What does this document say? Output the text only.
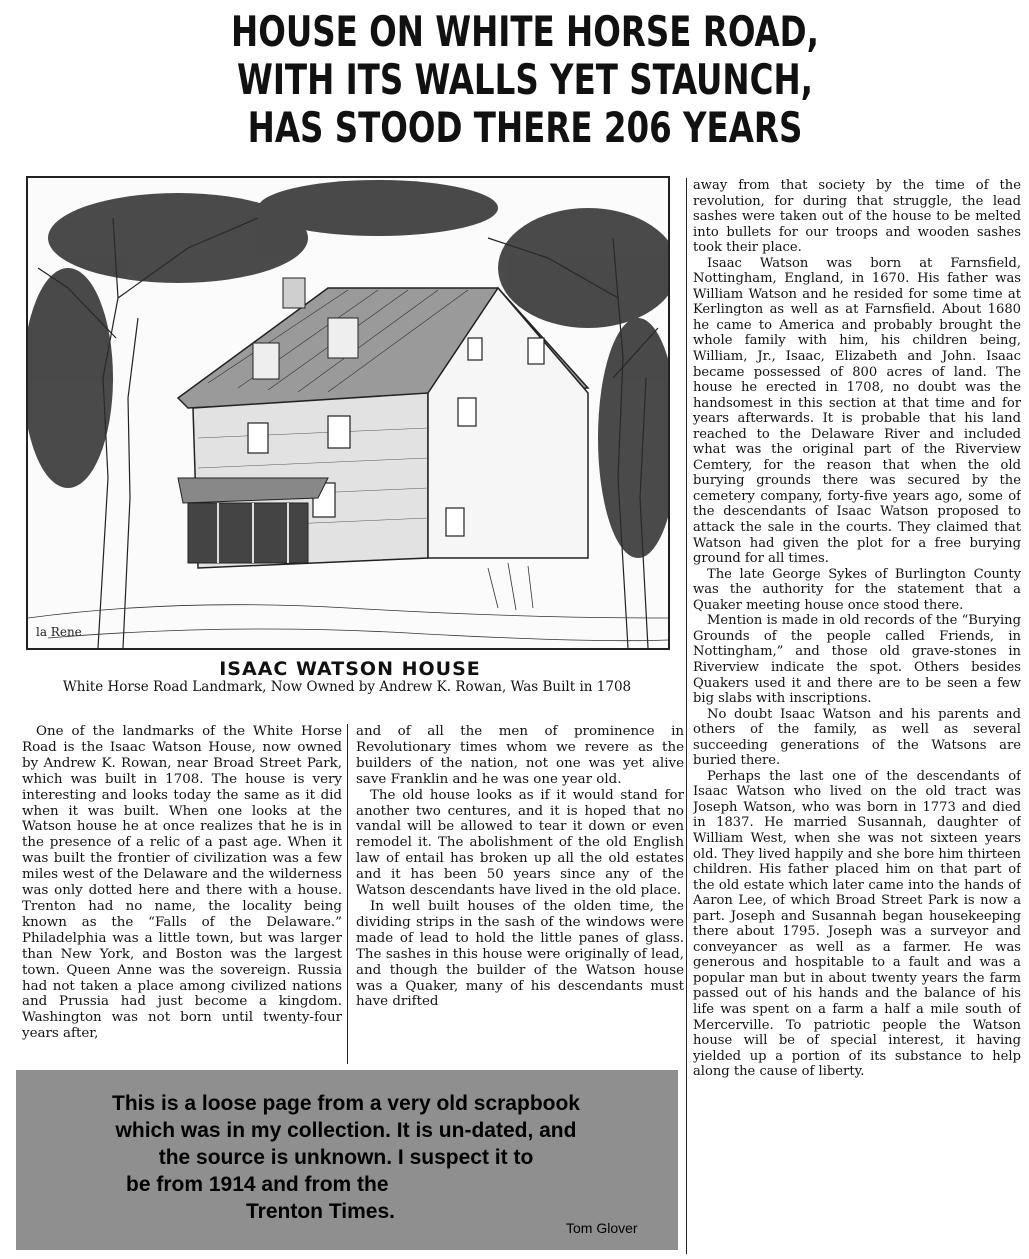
HOUSE ON WHITE HORSE ROAD,
WITH ITS WALLS YET STAUNCH,
HAS STOOD THERE 206 YEARS
la Rene
ISAAC WATSON HOUSE
White Horse Road Landmark, Now Owned by Andrew K. Rowan, Was Built in 1708

One of the landmarks of the White Horse Road is the Isaac Watson House, now owned by Andrew K. Rowan, near Broad Street Park, which was built in 1708. The house is very interesting and looks today the same as it did when it was built. When one looks at the Watson house he at once realizes that he is in the presence of a relic of a past age. When it was built the frontier of civilization was a few miles west of the Delaware and the wilderness was only dotted here and there with a house. Trenton had no name, the locality being known as the “Falls of the Delaware.” Philadelphia was a little town, but was larger than New York, and Boston was the largest town. Queen Anne was the sovereign. Russia had not taken a place among civilized nations and Prussia had just become a kingdom. Washington was not born until twenty-four years after,

and of all the men of prominence in Revolutionary times whom we revere as the builders of the nation, not one was yet alive save Franklin and he was one year old.

The old house looks as if it would stand for another two centures, and it is hoped that no vandal will be allowed to tear it down or even remodel it. The abolishment of the old English law of entail has broken up all the old estates and it has been 50 years since any of the Watson descendants have lived in the old place.

In well built houses of the olden time, the dividing strips in the sash of the windows were made of lead to hold the little panes of glass. The sashes in this house were originally of lead, and though the builder of the Watson house was a Quaker, many of his descendants must have drifted

away from that society by the time of the revolution, for during that struggle, the lead sashes were taken out of the house to be melted into bullets for our troops and wooden sashes took their place.

Isaac Watson was born at Farnsfield, Nottingham, England, in 1670. His father was William Watson and he resided for some time at Kerlington as well as at Farnsfield. About 1680 he came to America and probably brought the whole family with him, his children being, William, Jr., Isaac, Elizabeth and John. Isaac became possessed of 800 acres of land. The house he erected in 1708, no doubt was the handsomest in this section at that time and for years afterwards. It is probable that his land reached to the Delaware River and included what was the original part of the Riverview Cemtery, for the reason that when the old burying grounds there was secured by the cemetery company, forty-five years ago, some of the descendants of Isaac Watson proposed to attack the sale in the courts. They claimed that Watson had given the plot for a free burying ground for all times.

The late George Sykes of Burlington County was the authority for the statement that a Quaker meeting house once stood there.

Mention is made in old records of the “Burying Grounds of the people called Friends, in Nottingham,” and those old grave-stones in Riverview indicate the spot. Others besides Quakers used it and there are to be seen a few big slabs with inscriptions.

No doubt Isaac Watson and his parents and others of the family, as well as several succeeding generations of the Watsons are buried there.

Perhaps the last one of the descendants of Isaac Watson who lived on the old tract was Joseph Watson, who was born in 1773 and died in 1837. He married Susannah, daughter of William West, when she was not sixteen years old. They lived happily and she bore him thirteen children. His father placed him on that part of the old estate which later came into the hands of Aaron Lee, of which Broad Street Park is now a part. Joseph and Susannah began housekeeping there about 1795. Joseph was a surveyor and conveyancer as well as a farmer. He was generous and hospitable to a fault and was a popular man but in about twenty years the farm passed out of his hands and the balance of his life was spent on a farm a half a mile south of Mercerville. To patriotic people the Watson house will be of special interest, it having yielded up a portion of its substance to help along the cause of liberty.

This is a loose page from a very old scrapbook
which was in my collection. It is un-dated, and
the source is unknown. I suspect it to
be from 1914 and from the
Trenton Times.
Tom Glover
